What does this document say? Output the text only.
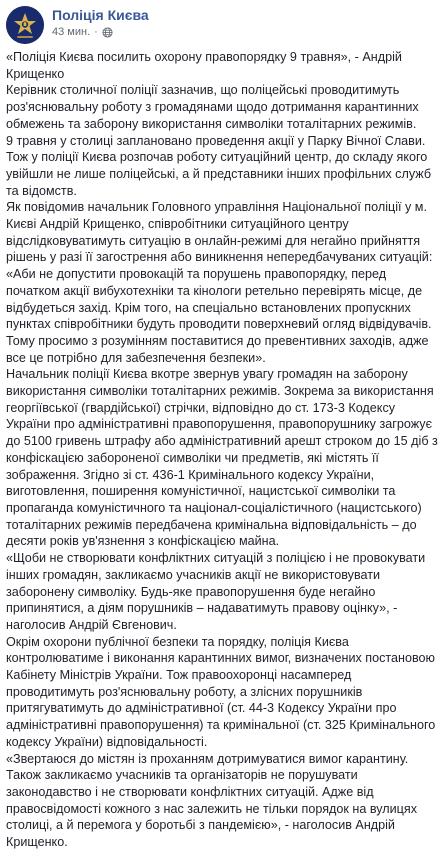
Поліція Києва
43 мин. ·

«Поліція Києва посилить охорону правопорядку 9 травня», - Андрій Крищенко

Керівник столичної поліції зазначив, що поліцейські проводитимуть роз'яснювальну роботу з громадянами щодо дотримання карантинних обмежень та заборону використання символіки тоталітарних режимів.

9 травня у столиці заплановано проведення акції у Парку Вічної Слави.

Тож у поліції Києва розпочав роботу ситуаційний центр, до складу якого увійшли не лише поліцейські, а й представники інших профільних служб та відомств.

Як повідомив начальник Головного управління Національної поліції у м. Києві Андрій Крищенко, співробітники ситуаційного центру відслідковуватимуть ситуацію в онлайн-режимі для негайно прийняття рішень у разі її загострення або виникнення непередбачуваних ситуацій:

«Аби не допустити провокацій та порушень правопорядку, перед початком акції вибухотехніки та кінологи ретельно перевірять місце, де відбудеться захід. Крім того, на спеціально встановлених пропускних пунктах співробітники будуть проводити поверхневий огляд відвідувачів. Тому просимо з розумінням поставитися до превентивних заходів, адже все це потрібно для забезпечення безпеки».

Начальник поліції Києва вкотре звернув увагу громадян на заборону використання символіки тоталітарних режимів. Зокрема за використання георгіївської (гвардійської) стрічки, відповідно до ст. 173-3 Кодексу України про адміністративні правопорушення, правопорушнику загрожує до 5100 гривень штрафу або адміністративний арешт строком до 15 діб з конфіскацією забороненої символіки чи предметів, які містять її зображення. Згідно зі ст. 436-1 Кримінального кодексу України, виготовлення, поширення комуністичної, нацистської символіки та пропаганда комуністичного та націонал-соціалістичного (нацистського) тоталітарних режимів передбачена кримінальна відповідальність – до десяти років ув'язнення з конфіскацією майна.

«Щоби не створювати конфліктних ситуацій з поліцією і не провокувати інших громадян, закликаємо учасників акції не використовувати заборонену символіку. Будь-яке правопорушення буде негайно припинятися, а діям порушників – надаватимуть правову оцінку», - наголосив Андрій Євгенович.

Окрім охорони публічної безпеки та порядку, поліція Києва контролюватиме і виконання карантинних вимог, визначених постановою Кабінету Міністрів України. Тож правоохоронці насамперед проводитимуть роз'яснювальну роботу, а злісних порушників притягуватимуть до адміністративної (ст. 44-3 Кодексу України про адміністративні правопорушення) та кримінальної (ст. 325 Кримінального кодексу України) відповідальності.

«Звертаюся до містян із проханням дотримуватися вимог карантину. Також закликаємо учасників та організаторів не порушувати законодавство і не створювати конфліктних ситуацій. Адже від правосвідомості кожного з нас залежить не тільки порядок на вулицях столиці, а й перемога у боротьбі з пандемією», - наголосив Андрій Крищенко.
